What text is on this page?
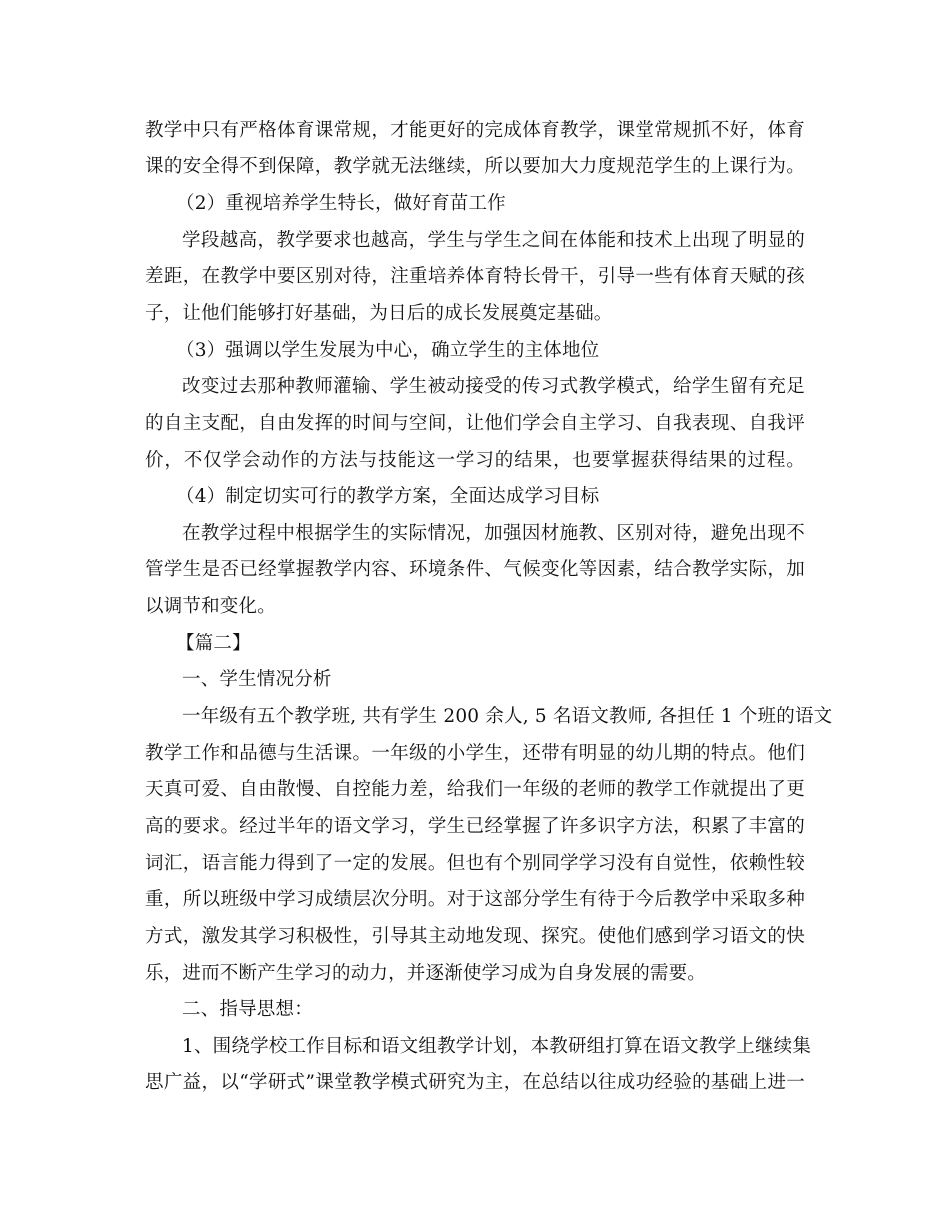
教学中只有严格体育课常规，才能更好的完成体育教学，课堂常规抓不好，体育
课的安全得不到保障，教学就无法继续，所以要加大力度规范学生的上课行为。
（2）重视培养学生特长，做好育苗工作
学段越高，教学要求也越高，学生与学生之间在体能和技术上出现了明显的
差距，在教学中要区别对待，注重培养体育特长骨干，引导一些有体育天赋的孩
子，让他们能够打好基础，为日后的成长发展奠定基础。
（3）强调以学生发展为中心，确立学生的主体地位
改变过去那种教师灌输、学生被动接受的传习式教学模式，给学生留有充足
的自主支配，自由发挥的时间与空间，让他们学会自主学习、自我表现、自我评
价，不仅学会动作的方法与技能这一学习的结果，也要掌握获得结果的过程。
（4）制定切实可行的教学方案，全面达成学习目标
在教学过程中根据学生的实际情况，加强因材施教、区别对待，避免出现不
管学生是否已经掌握教学内容、环境条件、气候变化等因素，结合教学实际，加
以调节和变化。
【篇二】
一、学生情况分析
一年级有五个教学班, 共有学生 200 余人, 5 名语文教师, 各担任 1 个班的语文
教学工作和品德与生活课。一年级的小学生，还带有明显的幼儿期的特点。他们
天真可爱、自由散慢、自控能力差，给我们一年级的老师的教学工作就提出了更
高的要求。经过半年的语文学习，学生已经掌握了许多识字方法，积累了丰富的
词汇，语言能力得到了一定的发展。但也有个别同学学习没有自觉性，依赖性较
重，所以班级中学习成绩层次分明。对于这部分学生有待于今后教学中采取多种
方式，激发其学习积极性，引导其主动地发现、探究。使他们感到学习语文的快
乐，进而不断产生学习的动力，并逐渐使学习成为自身发展的需要。
二、指导思想：
1、围绕学校工作目标和语文组教学计划，本教研组打算在语文教学上继续集
思广益，以“学研式”课堂教学模式研究为主，在总结以往成功经验的基础上进一
